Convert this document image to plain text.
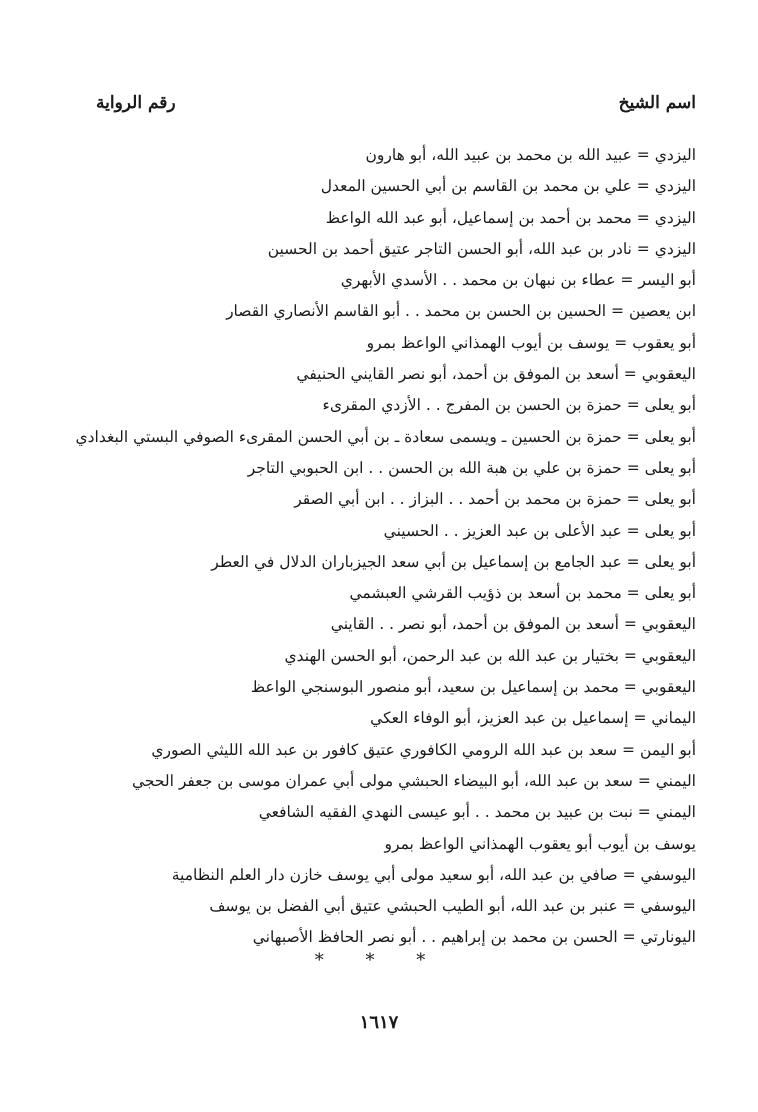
اسم الشيخ
رقم الرواية
اليزدي = عبيد الله بن محمد بن عبيد الله، أبو هارون
اليزدي = علي بن محمد بن القاسم بن أبي الحسين المعدل
اليزدي = محمد بن أحمد بن إسماعيل، أبو عبد الله الواعظ
اليزدي = نادر بن عبد الله، أبو الحسن التاجر عتيق أحمد بن الحسين
أبو اليسر = عطاء بن نبهان بن محمد . . الأسدي الأبهري
ابن يعصين = الحسين بن الحسن بن محمد . . أبو القاسم الأنصاري القصار
أبو يعقوب = يوسف بن أيوب الهمذاني الواعظ بمرو
اليعقوبي = أسعد بن الموفق بن أحمد، أبو نصر القايني الحنيفي
أبو يعلى = حمزة بن الحسن بن المفرج . . الأزدي المقرىء
أبو يعلى = حمزة بن الحسين ـ ويسمى سعادة ـ بن أبي الحسن المقرىء الصوفي البستي البغدادي
أبو يعلى = حمزة بن علي بن هبة الله بن الحسن . . ابن الحبوبي التاجر
أبو يعلى = حمزة بن محمد بن أحمد . . البزاز . . ابن أبي الصقر
أبو يعلى = عبد الأعلى بن عبد العزيز . . الحسيني
أبو يعلى = عبد الجامع بن إسماعيل بن أبي سعد الجيزباران الدلال في العطر
أبو يعلى = محمد بن أسعد بن ذؤيب القرشي العبشمي
اليعقوبي = أسعد بن الموفق بن أحمد، أبو نصر . . القايني
اليعقوبي = بختيار بن عبد الله بن عبد الرحمن، أبو الحسن الهندي
اليعقوبي = محمد بن إسماعيل بن سعيد، أبو منصور البوسنجي الواعظ
اليماني = إسماعيل بن عبد العزيز، أبو الوفاء العكي
أبو اليمن = سعد بن عبد الله الرومي الكافوري عتيق كافور بن عبد الله الليثي الصوري
اليمني = سعد بن عبد الله، أبو البيضاء الحبشي مولى أبي عمران موسى بن جعفر الحجي
اليمني = نبت بن عبيد بن محمد . . أبو عيسى النهدي الفقيه الشافعي
يوسف بن أيوب أبو يعقوب الهمذاني الواعظ بمرو
اليوسفي = صافي بن عبد الله، أبو سعيد مولى أبي يوسف خازن دار العلم النظامية
اليوسفي = عنبر بن عبد الله، أبو الطيب الحبشي عتيق أبي الفضل بن يوسف
اليونارتي = الحسن بن محمد بن إبراهيم . . أبو نصر الحافظ الأصبهاني
* * *
١٦١٧
